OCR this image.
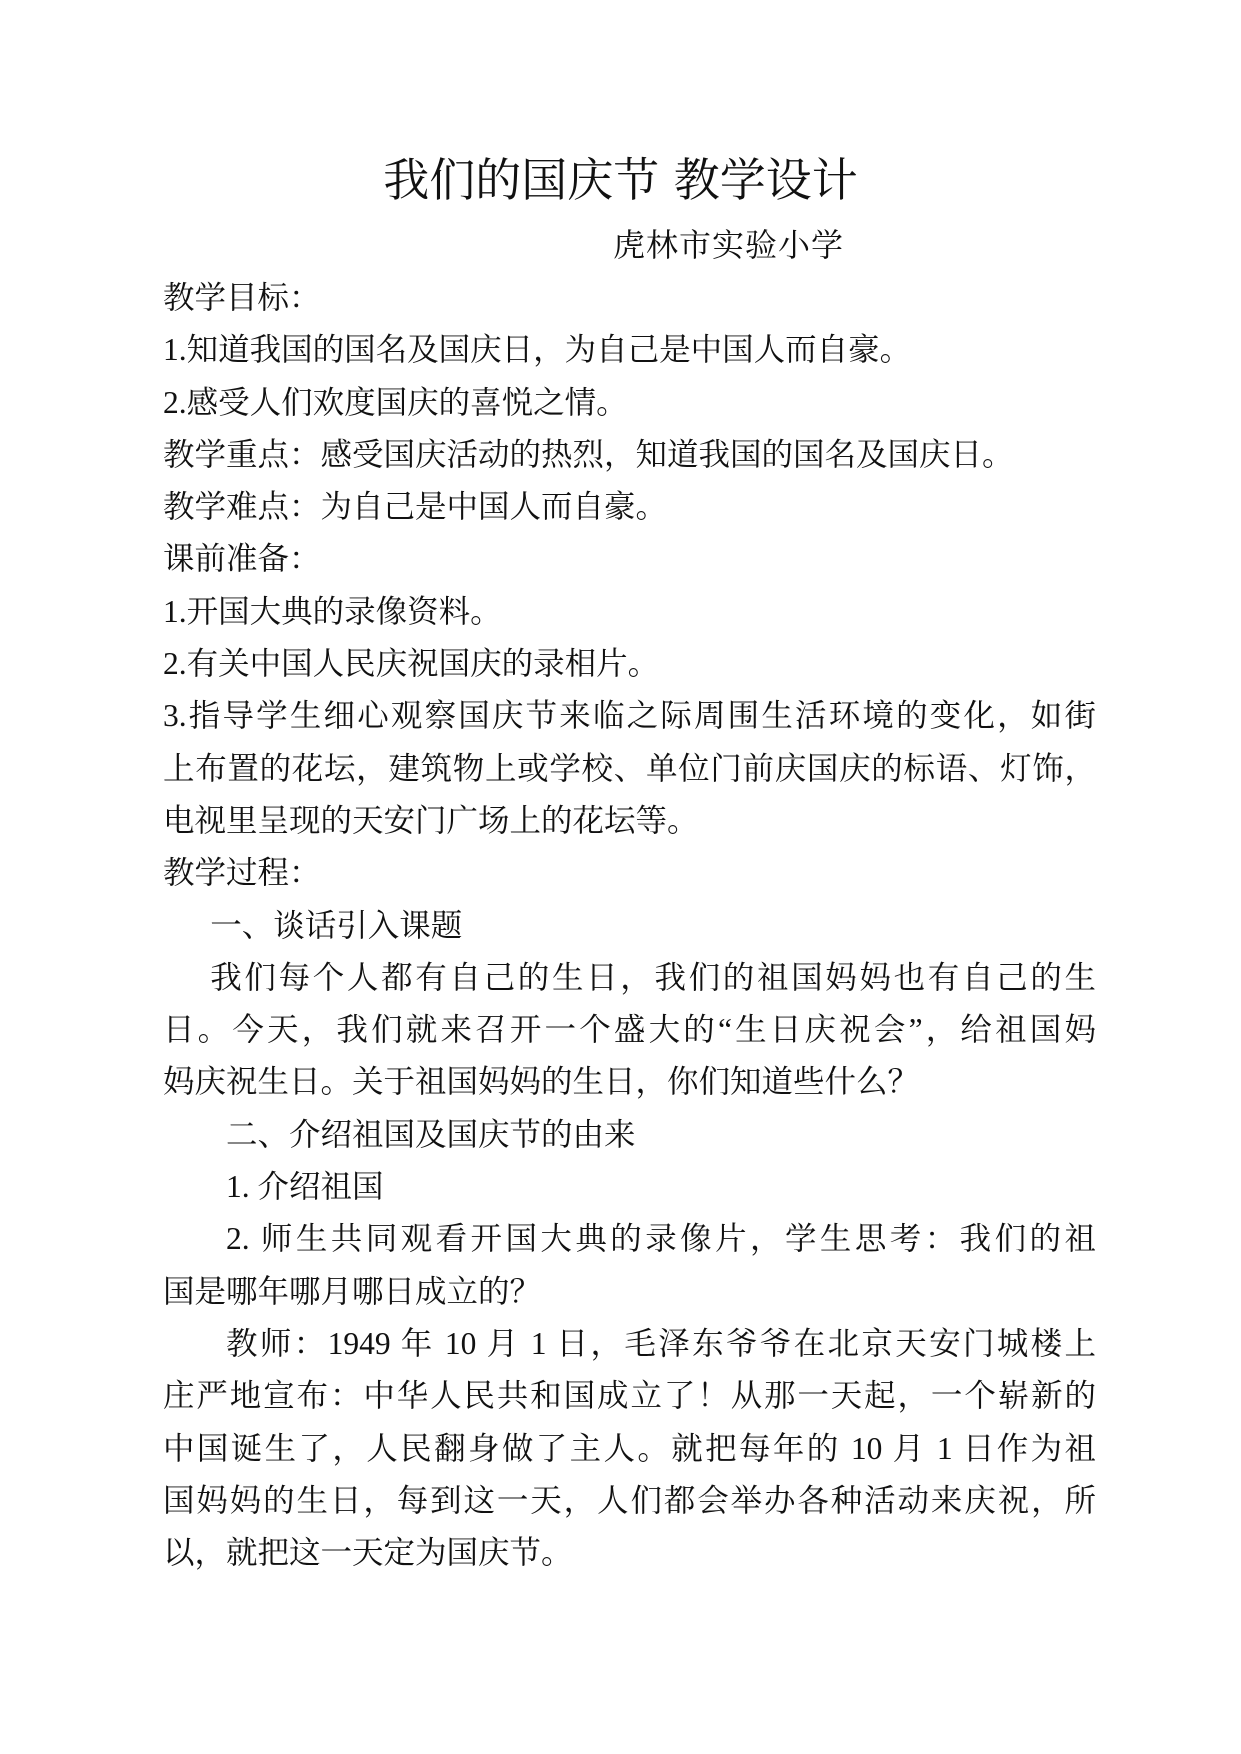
我们的国庆节 教学设计
虎林市实验小学
教学目标：
1.知道我国的国名及国庆日，为自己是中国人而自豪。
2.感受人们欢度国庆的喜悦之情。
教学重点：感受国庆活动的热烈，知道我国的国名及国庆日。
教学难点：为自己是中国人而自豪。
课前准备：
1.开国大典的录像资料。
2.有关中国人民庆祝国庆的录相片。
3.指导学生细心观察国庆节来临之际周围生活环境的变化，如街
上布置的花坛，建筑物上或学校、单位门前庆国庆的标语、灯饰，
电视里呈现的天安门广场上的花坛等。
教学过程：
一、谈话引入课题
我们每个人都有自己的生日，我们的祖国妈妈也有自己的生
日。今天，我们就来召开一个盛大的“生日庆祝会”，给祖国妈
妈庆祝生日。关于祖国妈妈的生日，你们知道些什么？
二、介绍祖国及国庆节的由来
1. 介绍祖国
2. 师生共同观看开国大典的录像片，学生思考：我们的祖
国是哪年哪月哪日成立的？
教师：1949 年 10 月 1 日，毛泽东爷爷在北京天安门城楼上
庄严地宣布：中华人民共和国成立了！从那一天起，一个崭新的
中国诞生了，人民翻身做了主人。就把每年的 10 月 1 日作为祖
国妈妈的生日，每到这一天，人们都会举办各种活动来庆祝，所
以，就把这一天定为国庆节。
